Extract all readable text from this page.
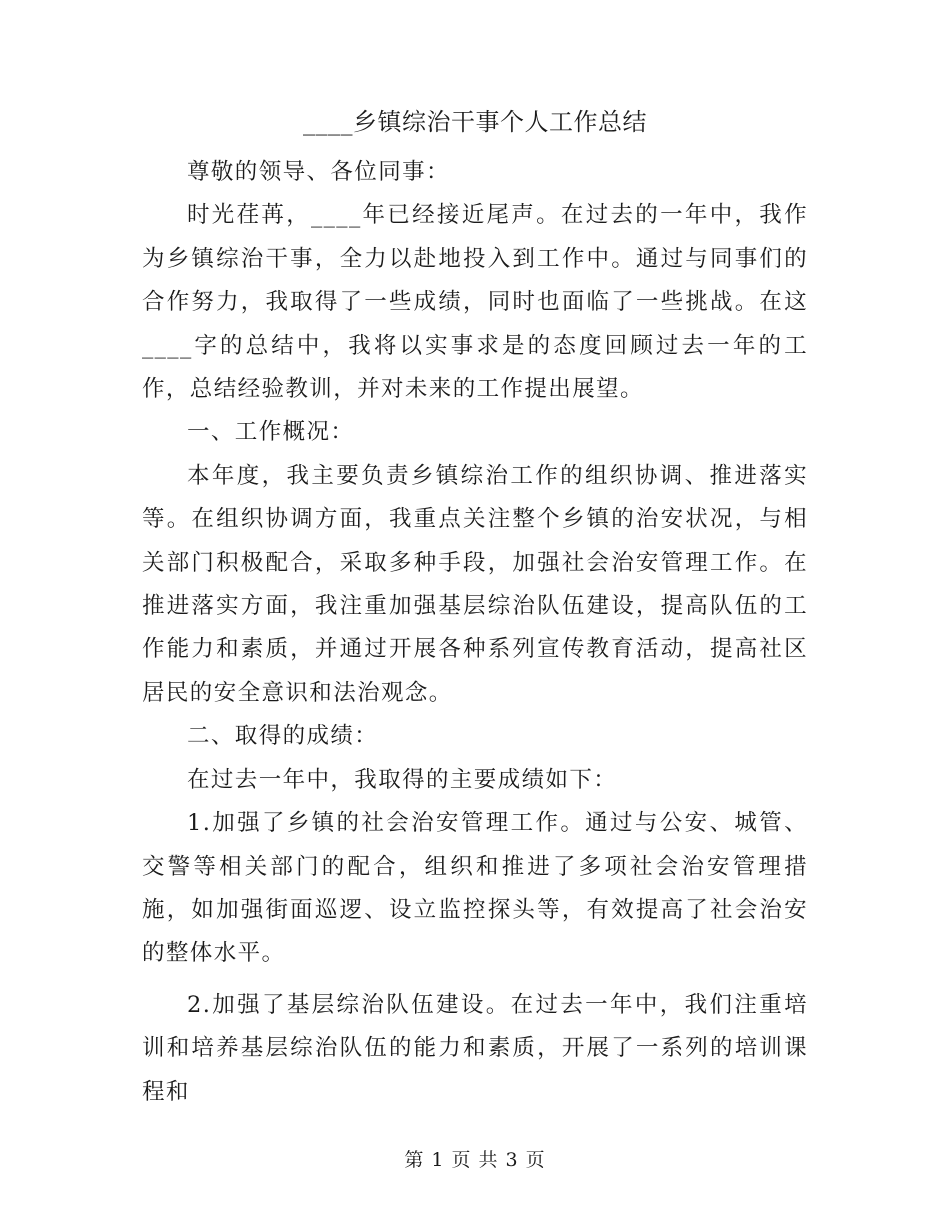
____乡镇综治干事个人工作总结

尊敬的领导、各位同事：

时光荏苒，____年已经接近尾声。在过去的一年中，我作为乡镇综治干事，全力以赴地投入到工作中。通过与同事们的合作努力，我取得了一些成绩，同时也面临了一些挑战。在这____字的总结中，我将以实事求是的态度回顾过去一年的工作，总结经验教训，并对未来的工作提出展望。

一、工作概况：

本年度，我主要负责乡镇综治工作的组织协调、推进落实等。在组织协调方面，我重点关注整个乡镇的治安状况，与相关部门积极配合，采取多种手段，加强社会治安管理工作。在推进落实方面，我注重加强基层综治队伍建设，提高队伍的工作能力和素质，并通过开展各种系列宣传教育活动，提高社区居民的安全意识和法治观念。

二、取得的成绩：

在过去一年中，我取得的主要成绩如下：

1.加强了乡镇的社会治安管理工作。通过与公安、城管、交警等相关部门的配合，组织和推进了多项社会治安管理措施，如加强街面巡逻、设立监控探头等，有效提高了社会治安的整体水平。

2.加强了基层综治队伍建设。在过去一年中，我们注重培训和培养基层综治队伍的能力和素质，开展了一系列的培训课程和

第 1 页 共 3 页
